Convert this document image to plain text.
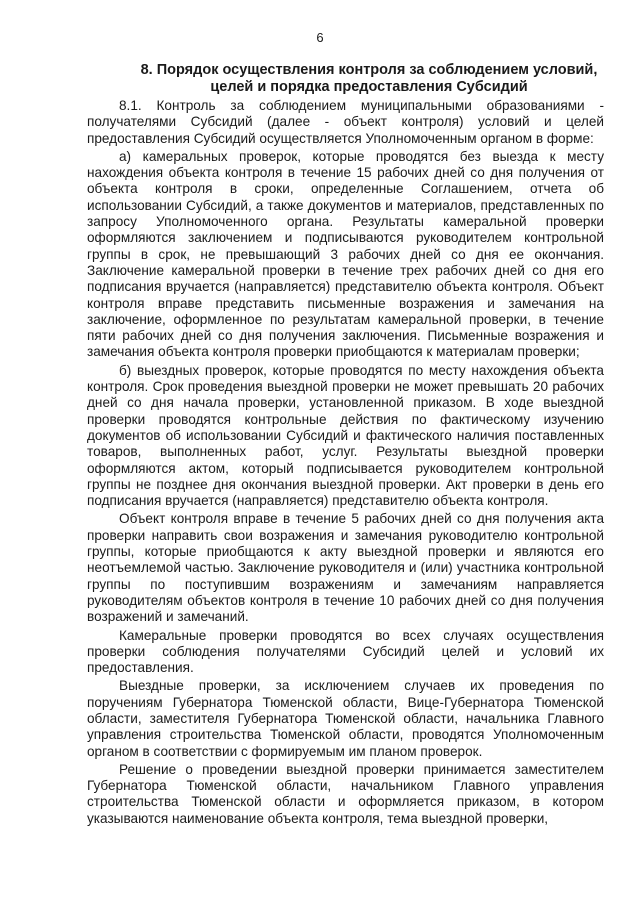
6
8. Порядок осуществления контроля за соблюдением условий,
целей и порядка предоставления Субсидий

8.1. Контроль за соблюдением муниципальными образованиями - получателями Субсидий (далее - объект контроля) условий и целей предоставления Субсидий осуществляется Уполномоченным органом в форме:

а) камеральных проверок, которые проводятся без выезда к месту нахождения объекта контроля в течение 15 рабочих дней со дня получения от объекта контроля в сроки, определенные Соглашением, отчета об использовании Субсидий, а также документов и материалов, представленных по запросу Уполномоченного органа. Результаты камеральной проверки оформляются заключением и подписываются руководителем контрольной группы в срок, не превышающий 3 рабочих дней со дня ее окончания. Заключение камеральной проверки в течение трех рабочих дней со дня его подписания вручается (направляется) представителю объекта контроля. Объект контроля вправе представить письменные возражения и замечания на заключение, оформленное по результатам камеральной проверки, в течение пяти рабочих дней со дня получения заключения. Письменные возражения и замечания объекта контроля проверки приобщаются к материалам проверки;

б) выездных проверок, которые проводятся по месту нахождения объекта контроля. Срок проведения выездной проверки не может превышать 20 рабочих дней со дня начала проверки, установленной приказом. В ходе выездной проверки проводятся контрольные действия по фактическому изучению документов об использовании Субсидий и фактического наличия поставленных товаров, выполненных работ, услуг. Результаты выездной проверки оформляются актом, который подписывается руководителем контрольной группы не позднее дня окончания выездной проверки. Акт проверки в день его подписания вручается (направляется) представителю объекта контроля.

Объект контроля вправе в течение 5 рабочих дней со дня получения акта проверки направить свои возражения и замечания руководителю контрольной группы, которые приобщаются к акту выездной проверки и являются его неотъемлемой частью. Заключение руководителя и (или) участника контрольной группы по поступившим возражениям и замечаниям направляется руководителям объектов контроля в течение 10 рабочих дней со дня получения возражений и замечаний.

Камеральные проверки проводятся во всех случаях осуществления проверки соблюдения получателями Субсидий целей и условий их предоставления.

Выездные проверки, за исключением случаев их проведения по поручениям Губернатора Тюменской области, Вице-Губернатора Тюменской области, заместителя Губернатора Тюменской области, начальника Главного управления строительства Тюменской области, проводятся Уполномоченным органом в соответствии с формируемым им планом проверок.

Решение о проведении выездной проверки принимается заместителем Губернатора Тюменской области, начальником Главного управления строительства Тюменской области и оформляется приказом, в котором указываются наименование объекта контроля, тема выездной проверки,
